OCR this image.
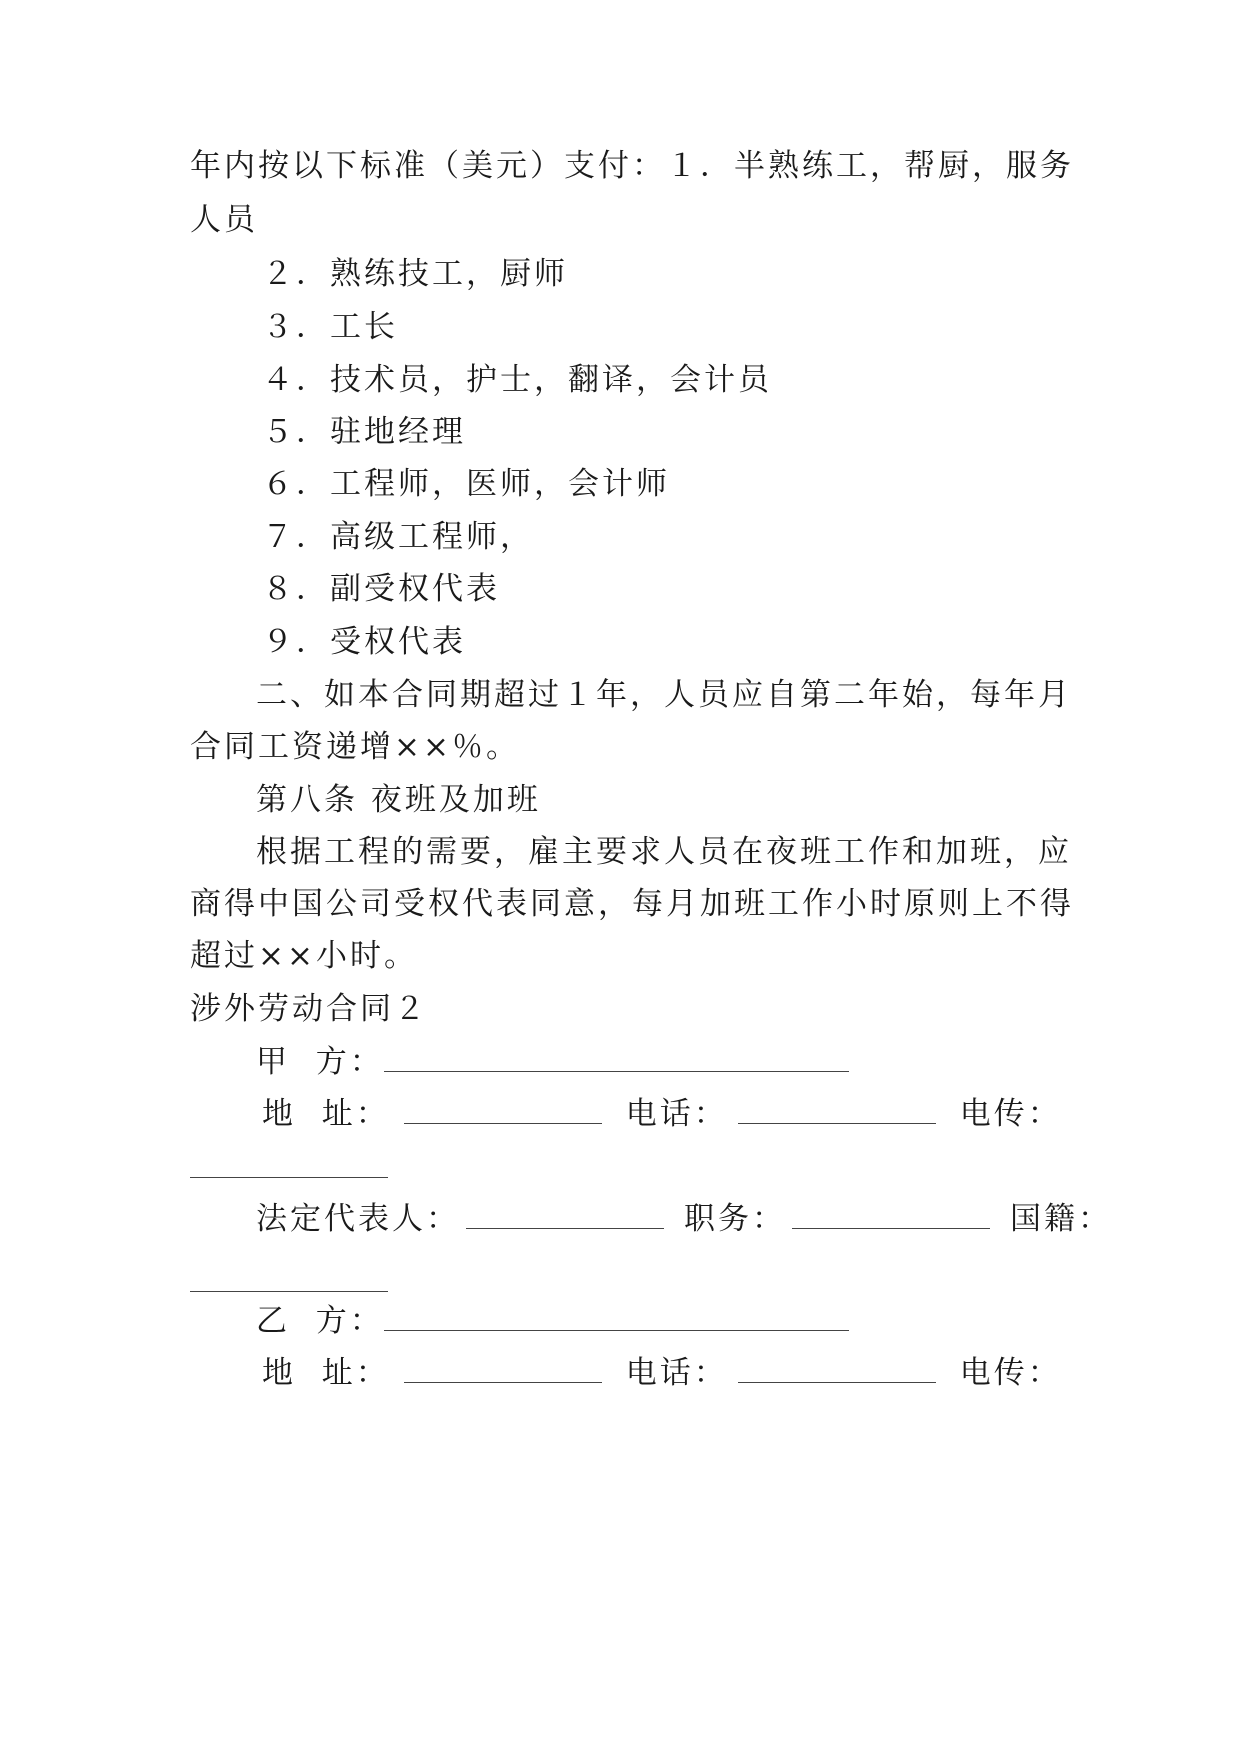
年内按以下标准（美元）支付：１．半熟练工，帮厨，服务
人员
２．熟练技工，厨师
３．工长
４．技术员，护士，翻译，会计员
５．驻地经理
６．工程师，医师，会计师
７．高级工程师，
８．副受权代表
９．受权代表
二、如本合同期超过１年，人员应自第二年始，每年月
合同工资递增××％。
第八条 夜班及加班
根据工程的需要，雇主要求人员在夜班工作和加班，应
商得中国公司受权代表同意，每月加班工作小时原则上不得
超过××小时。
涉外劳动合同２
甲  方：
地  址：	电话：	电传：
法定代表人：	职务：	国籍：
乙  方：
地  址：	电话：	电传：
